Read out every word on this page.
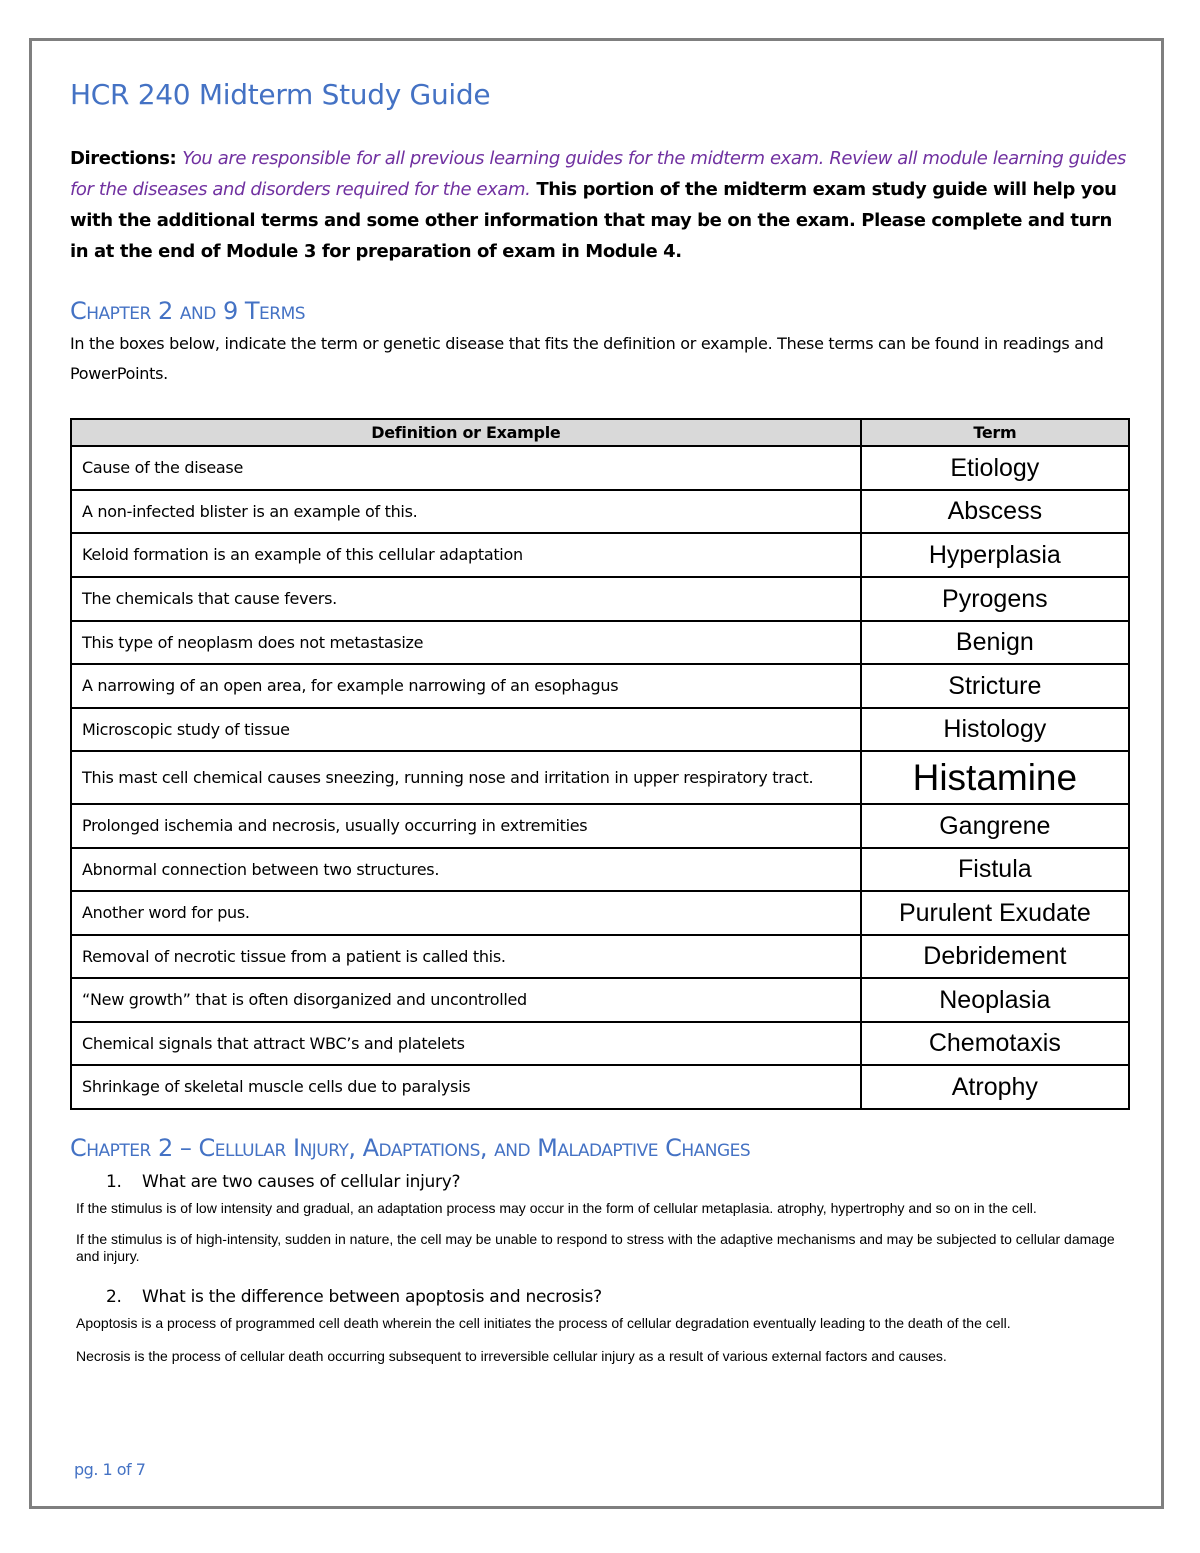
HCR 240 Midterm Study Guide
Directions: You are responsible for all previous learning guides for the midterm exam. Review all module learning guides for the diseases and disorders required for the exam. This portion of the midterm exam study guide will help you with the additional terms and some other information that may be on the exam. Please complete and turn in at the end of Module 3 for preparation of exam in Module 4.
Chapter 2 and 9 Terms
In the boxes below, indicate the term or genetic disease that fits the definition or example. These terms can be found in readings and PowerPoints.
Definition or Example	Term
Cause of the disease	Etiology
A non-infected blister is an example of this.	Abscess
Keloid formation is an example of this cellular adaptation	Hyperplasia
The chemicals that cause fevers.	Pyrogens
This type of neoplasm does not metastasize	Benign
A narrowing of an open area, for example narrowing of an esophagus	Stricture
Microscopic study of tissue	Histology
This mast cell chemical causes sneezing, running nose and irritation in upper respiratory tract.	Histamine
Prolonged ischemia and necrosis, usually occurring in extremities	Gangrene
Abnormal connection between two structures.	Fistula
Another word for pus.	Purulent Exudate
Removal of necrotic tissue from a patient is called this.	Debridement
“New growth” that is often disorganized and uncontrolled	Neoplasia
Chemical signals that attract WBC’s and platelets	Chemotaxis
Shrinkage of skeletal muscle cells due to paralysis	Atrophy
Chapter 2 – Cellular Injury, Adaptations, and Maladaptive Changes
1. What are two causes of cellular injury?

If the stimulus is of low intensity and gradual, an adaptation process may occur in the form of cellular metaplasia. atrophy, hypertrophy and so on in the cell.

If the stimulus is of high-intensity, sudden in nature, the cell may be unable to respond to stress with the adaptive mechanisms and may be subjected to cellular damage and injury.

2. What is the difference between apoptosis and necrosis?

Apoptosis is a process of programmed cell death wherein the cell initiates the process of cellular degradation eventually leading to the death of the cell.

Necrosis is the process of cellular death occurring subsequent to irreversible cellular injury as a result of various external factors and causes.

pg. 1 of 7
